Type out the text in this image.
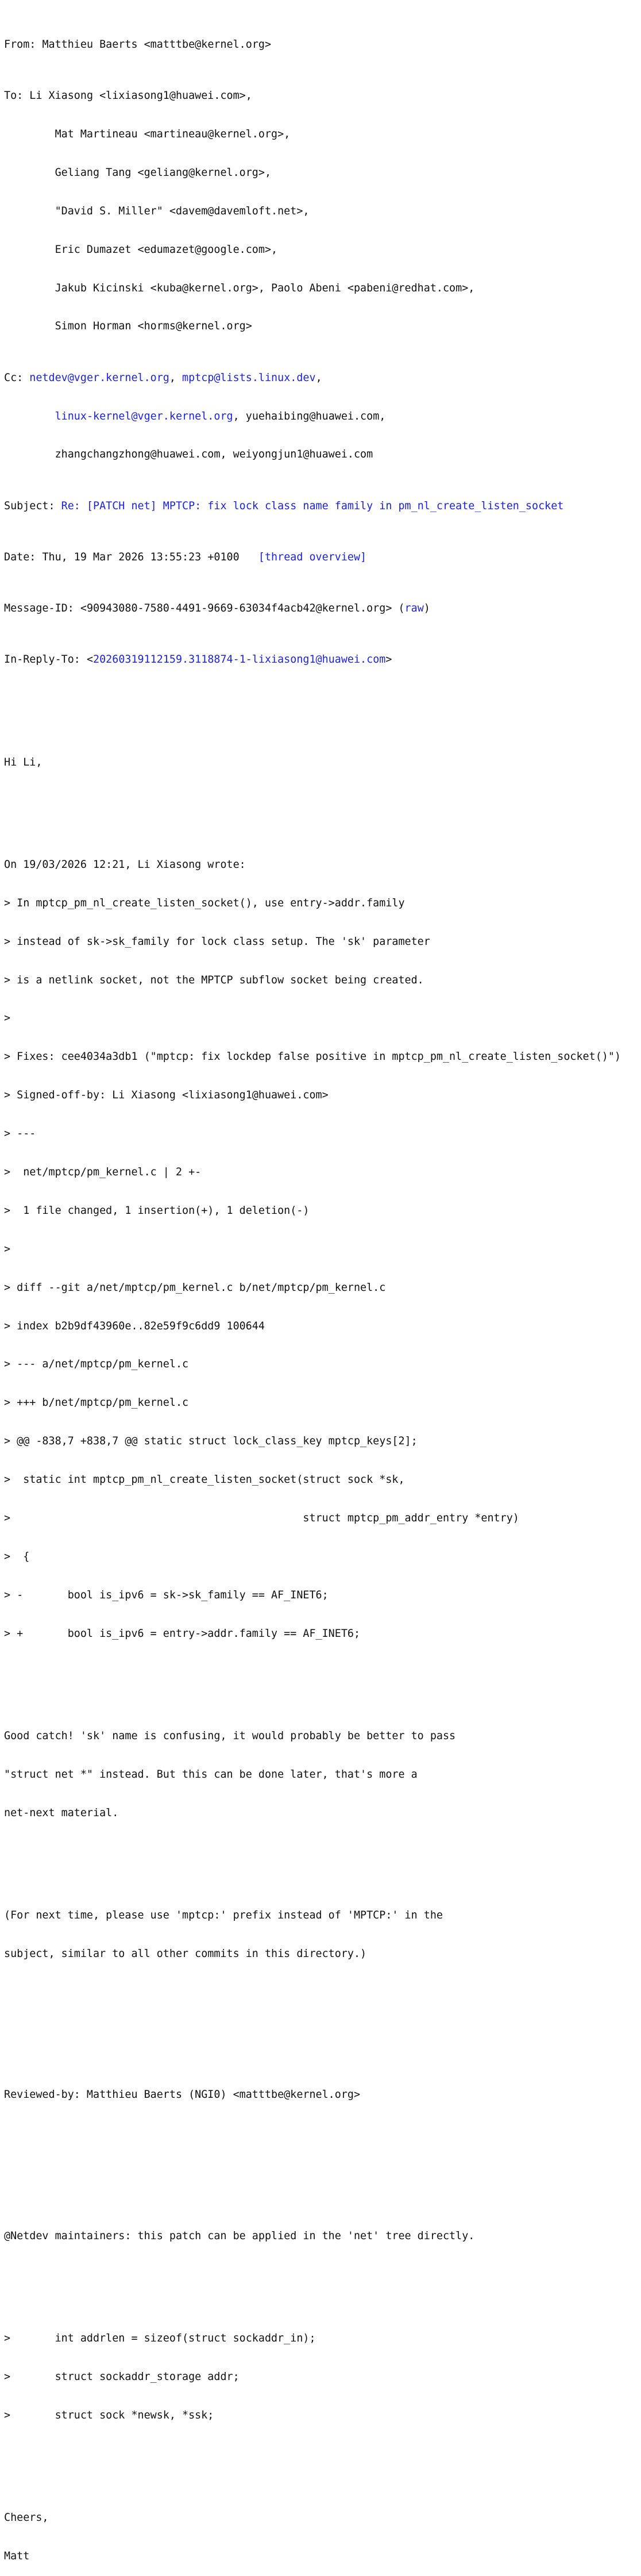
From: Matthieu Baerts <matttbe@kernel.org>

To: Li Xiasong <lixiasong1@huawei.com>,

Mat Martineau <martineau@kernel.org>,

Geliang Tang <geliang@kernel.org>,

"David S. Miller" <davem@davemloft.net>,

Eric Dumazet <edumazet@google.com>,

Jakub Kicinski <kuba@kernel.org>, Paolo Abeni <pabeni@redhat.com>,

Simon Horman <horms@kernel.org>

Cc: netdev@vger.kernel.org, mptcp@lists.linux.dev,

linux-kernel@vger.kernel.org, yuehaibing@huawei.com,

zhangchangzhong@huawei.com, weiyongjun1@huawei.com

Subject: Re: [PATCH net] MPTCP: fix lock class name family in pm_nl_create_listen_socket

Date: Thu, 19 Mar 2026 13:55:23 +0100   [thread overview]

Message-ID: <90943080-7580-4491-9669-63034f4acb42@kernel.org> (raw)

In-Reply-To: <20260319112159.3118874-1-lixiasong1@huawei.com>

Hi Li,

On 19/03/2026 12:21, Li Xiasong wrote:

> In mptcp_pm_nl_create_listen_socket(), use entry->addr.family

> instead of sk->sk_family for lock class setup. The 'sk' parameter

> is a netlink socket, not the MPTCP subflow socket being created.

>

> Fixes: cee4034a3db1 ("mptcp: fix lockdep false positive in mptcp_pm_nl_create_listen_socket()")

> Signed-off-by: Li Xiasong <lixiasong1@huawei.com>

> ---

>  net/mptcp/pm_kernel.c | 2 +-

>  1 file changed, 1 insertion(+), 1 deletion(-)

>

> diff --git a/net/mptcp/pm_kernel.c b/net/mptcp/pm_kernel.c

> index b2b9df43960e..82e59f9c6dd9 100644

> --- a/net/mptcp/pm_kernel.c

> +++ b/net/mptcp/pm_kernel.c

> @@ -838,7 +838,7 @@ static struct lock_class_key mptcp_keys[2];

>  static int mptcp_pm_nl_create_listen_socket(struct sock *sk,

>                                              struct mptcp_pm_addr_entry *entry)

>  {

> -       bool is_ipv6 = sk->sk_family == AF_INET6;

> +       bool is_ipv6 = entry->addr.family == AF_INET6;

Good catch! 'sk' name is confusing, it would probably be better to pass

"struct net *" instead. But this can be done later, that's more a

net-next material.

(For next time, please use 'mptcp:' prefix instead of 'MPTCP:' in the

subject, similar to all other commits in this directory.)

Reviewed-by: Matthieu Baerts (NGI0) <matttbe@kernel.org>

@Netdev maintainers: this patch can be applied in the 'net' tree directly.

>       int addrlen = sizeof(struct sockaddr_in);

>       struct sockaddr_storage addr;

>       struct sock *newsk, *ssk;

Cheers,

Matt
